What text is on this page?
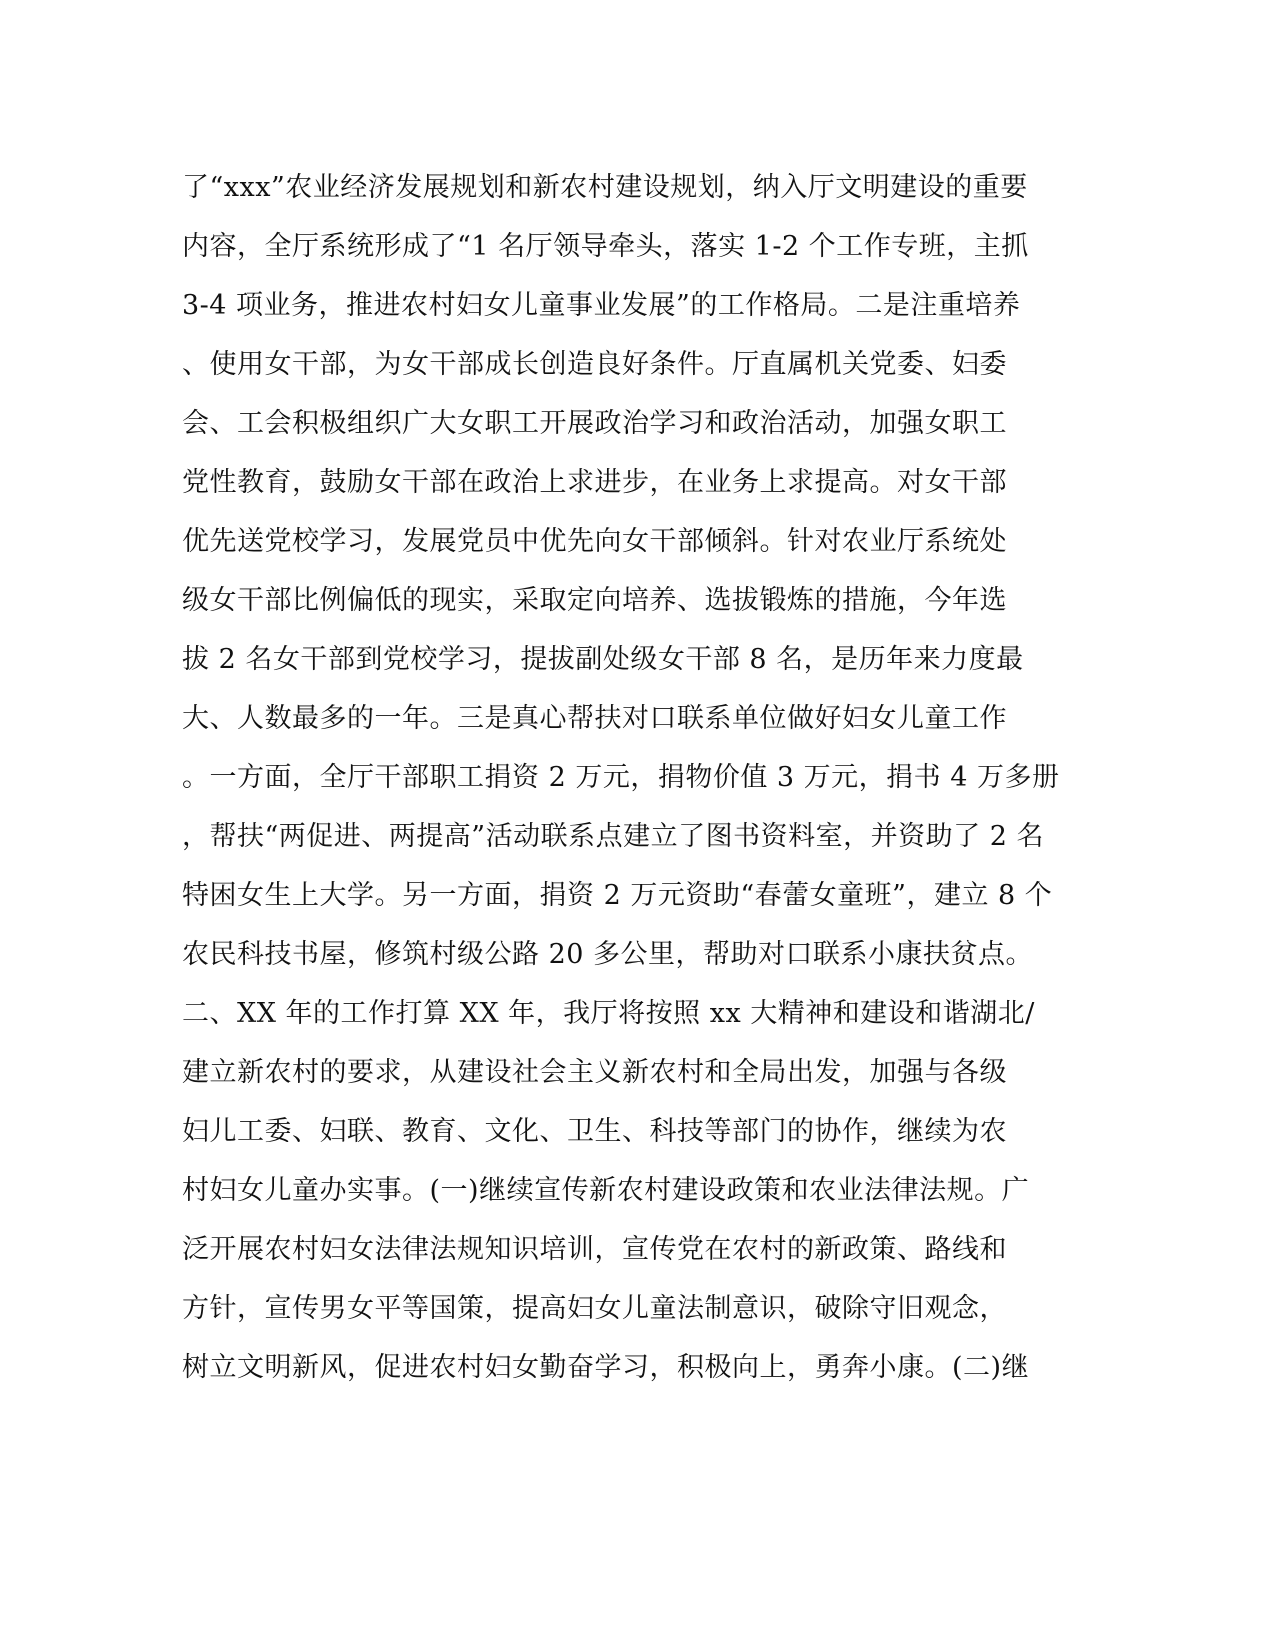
了“xxx”农业经济发展规划和新农村建设规划，纳入厅文明建设的重要
内容，全厅系统形成了“1 名厅领导牵头，落实 1-2 个工作专班，主抓
3-4 项业务，推进农村妇女儿童事业发展”的工作格局。二是注重培养
、使用女干部，为女干部成长创造良好条件。厅直属机关党委、妇委
会、工会积极组织广大女职工开展政治学习和政治活动，加强女职工
党性教育，鼓励女干部在政治上求进步，在业务上求提高。对女干部
优先送党校学习，发展党员中优先向女干部倾斜。针对农业厅系统处
级女干部比例偏低的现实，采取定向培养、选拔锻炼的措施，今年选
拔 2 名女干部到党校学习，提拔副处级女干部 8 名，是历年来力度最
大、人数最多的一年。三是真心帮扶对口联系单位做好妇女儿童工作
。一方面，全厅干部职工捐资 2 万元，捐物价值 3 万元，捐书 4 万多册
，帮扶“两促进、两提高”活动联系点建立了图书资料室，并资助了 2 名
特困女生上大学。另一方面，捐资 2 万元资助“春蕾女童班”，建立 8 个
农民科技书屋，修筑村级公路 20 多公里，帮助对口联系小康扶贫点。
二、XX 年的工作打算 XX 年，我厅将按照 xx 大精神和建设和谐湖北/
建立新农村的要求，从建设社会主义新农村和全局出发，加强与各级
妇儿工委、妇联、教育、文化、卫生、科技等部门的协作，继续为农
村妇女儿童办实事。(一)继续宣传新农村建设政策和农业法律法规。广
泛开展农村妇女法律法规知识培训，宣传党在农村的新政策、路线和
方针，宣传男女平等国策，提高妇女儿童法制意识，破除守旧观念，
树立文明新风，促进农村妇女勤奋学习，积极向上，勇奔小康。(二)继
